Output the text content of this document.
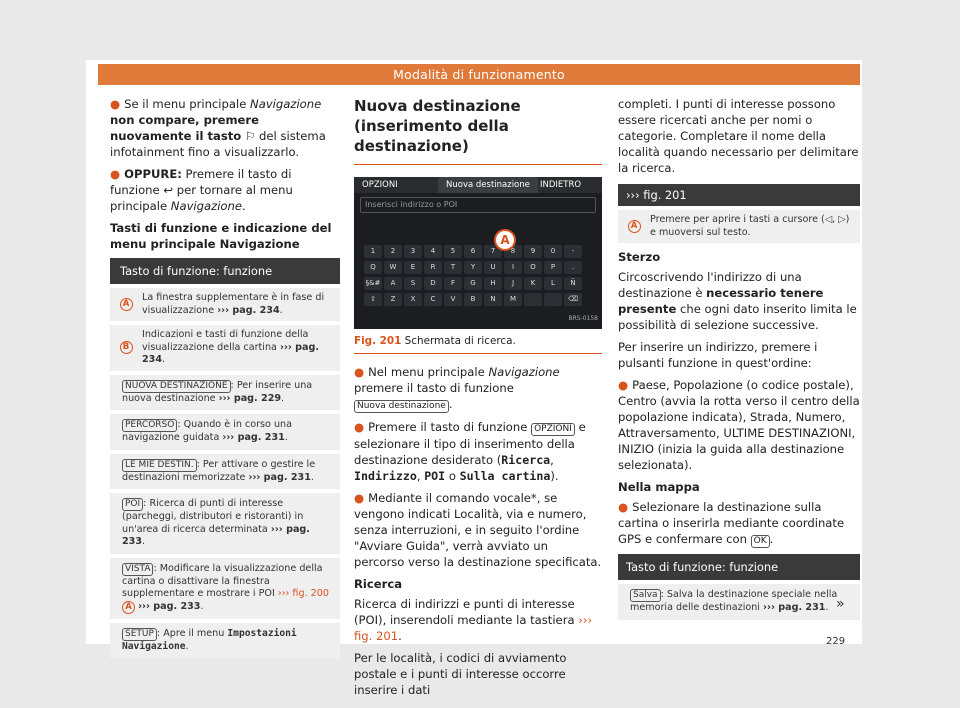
Modalità di funzionamento

● Se il menu principale Navigazione non compare, premere nuovamente il tasto ⚐ del sistema infotainment fino a visualizzarlo.

● OPPURE: Premere il tasto di funzione ↩ per tornare al menu principale Navigazione.

Tasti di funzione e indicazione del menu principale Navigazione
Tasto di funzione: funzione
A
La finestra supplementare è in fase di visualizzazione ››› pag. 234.
B
Indicazioni e tasti di funzione della visualizzazione della cartina ››› pag. 234.
NUOVA DESTINAZIONE : Per inserire una nuova destinazione ››› pag. 229.
PERCORSO : Quando è in corso una navigazione guidata ››› pag. 231.
LE MIE DESTIN. : Per attivare o gestire le destinazioni memorizzate ››› pag. 231.
POI : Ricerca di punti di interesse (parcheggi, distributori e ristoranti) in un'area di ricerca determinata ››› pag. 233.
VISTA : Modificare la visualizzazione della cartina o disattivare la finestra supplementare e mostrare i POI ››› fig. 200 A ››› pag. 233.
SETUP : Apre il menu Impostazioni Navigazione.
Nuova destinazione (inserimento della destinazione)
OPZIONI	Nuova destinazione	INDIETRO
Inserisci indirizzo o POI
1	2	3	4	5	6	7	8	9	0	-
Q	W	E	R	T	Y	U	I	O	P	.
§&#	A	S	D	F	G	H	J	K	L	Ñ
⇧	Z	X	C	V	B	N	M	⌫
A
BRS-0158
Fig. 201 Schermata di ricerca.

● Nel menu principale Navigazione premere il tasto di funzione Nuova destinazione .

● Premere il tasto di funzione OPZIONI e selezionare il tipo di inserimento della destinazione desiderato (Ricerca, Indirizzo, POI o Sulla cartina).

● Mediante il comando vocale*, se vengono indicati Località, via e numero, senza interruzioni, e in seguito l'ordine "Avviare Guida", verrà avviato un percorso verso la destinazione specificata.

Ricerca

Ricerca di indirizzi e punti di interesse (POI), inserendoli mediante la tastiera ››› fig. 201.

Per le località, i codici di avviamento postale e i punti di interesse occorre inserire i dati

completi. I punti di interesse possono essere ricercati anche per nomi o categorie. Completare il nome della località quando necessario per delimitare la ricerca.

››› fig. 201
A
Premere per aprire i tasti a cursore (◁, ▷) e muoversi sul testo.
Sterzo

Circoscrivendo l'indirizzo di una destinazione è necessario tenere presente che ogni dato inserito limita le possibilità di selezione successive.

Per inserire un indirizzo, premere i pulsanti funzione in quest'ordine:

● Paese, Popolazione (o codice postale), Centro (avvia la rotta verso il centro della popolazione indicata), Strada, Numero, Attraversamento, ULTIME DESTINAZIONI, INIZIO (inizia la guida alla destinazione selezionata).

Nella mappa

● Selezionare la destinazione sulla cartina o inserirla mediante coordinate GPS e confermare con OK .

Tasto di funzione: funzione
Salva : Salva la destinazione speciale nella memoria delle destinazioni ››› pag. 231. »
229
